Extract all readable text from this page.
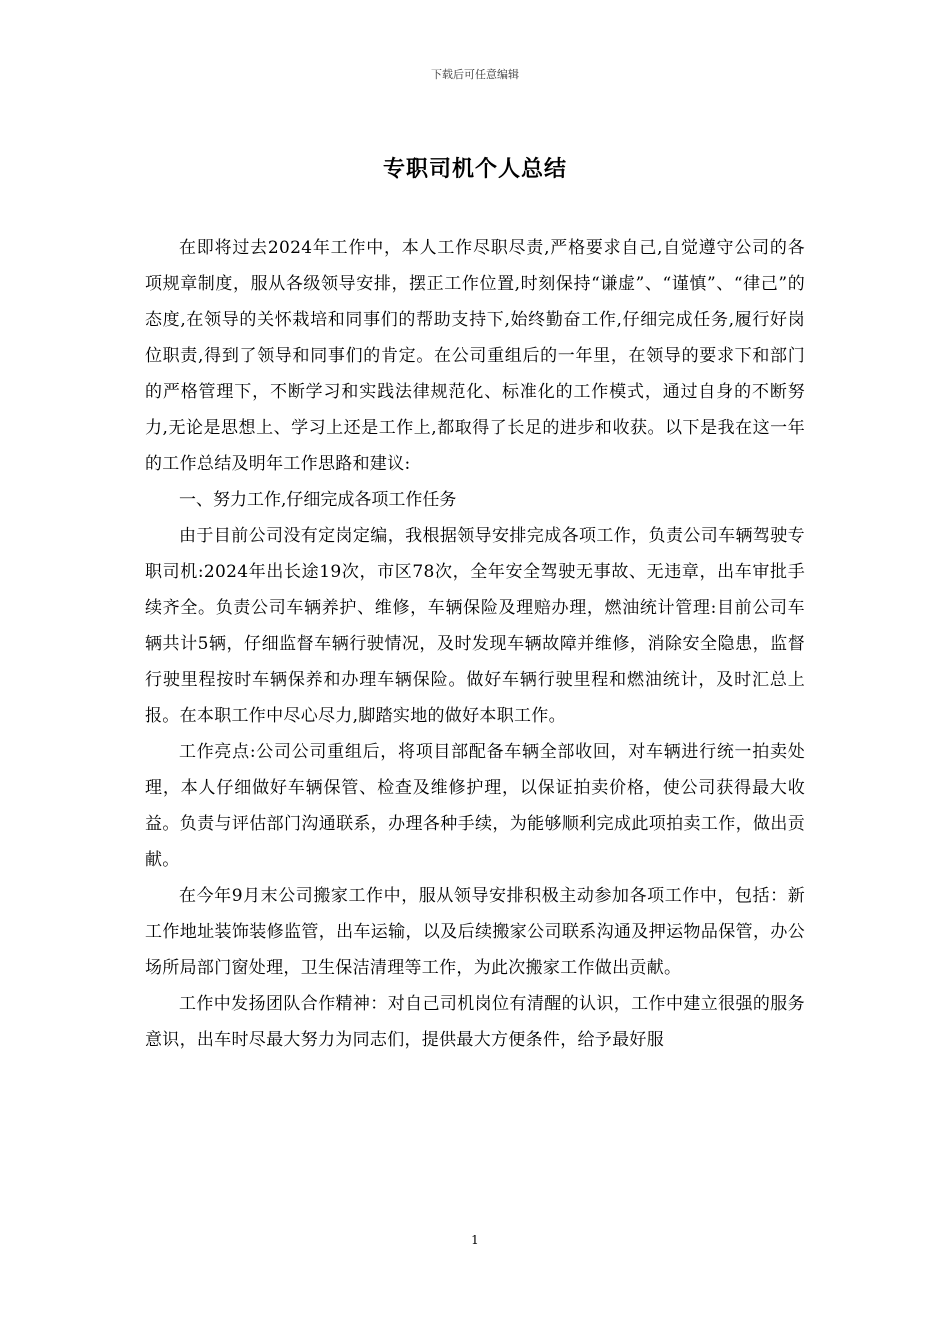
下载后可任意编辑
专职司机个人总结

在即将过去2024年工作中，本人工作尽职尽责,严格要求自己,自觉遵守公司的各项规章制度，服从各级领导安排，摆正工作位置,时刻保持“谦虚”、“谨慎”、“律己”的态度,在领导的关怀栽培和同事们的帮助支持下,始终勤奋工作,仔细完成任务,履行好岗位职责,得到了领导和同事们的肯定。在公司重组后的一年里，在领导的要求下和部门的严格管理下，不断学习和实践法律规范化、标准化的工作模式，通过自身的不断努力,无论是思想上、学习上还是工作上,都取得了长足的进步和收获。以下是我在这一年的工作总结及明年工作思路和建议:

一、努力工作,仔细完成各项工作任务

由于目前公司没有定岗定编，我根据领导安排完成各项工作，负责公司车辆驾驶专职司机:2024年出长途19次，市区78次，全年安全驾驶无事故、无违章，出车审批手续齐全。负责公司车辆养护、维修，车辆保险及理赔办理，燃油统计管理:目前公司车辆共计5辆，仔细监督车辆行驶情况，及时发现车辆故障并维修，消除安全隐患，监督行驶里程按时车辆保养和办理车辆保险。做好车辆行驶里程和燃油统计，及时汇总上报。在本职工作中尽心尽力,脚踏实地的做好本职工作。

工作亮点:公司公司重组后，将项目部配备车辆全部收回，对车辆进行统一拍卖处理，本人仔细做好车辆保管、检查及维修护理，以保证拍卖价格，使公司获得最大收益。负责与评估部门沟通联系，办理各种手续，为能够顺利完成此项拍卖工作，做出贡献。

在今年9月末公司搬家工作中，服从领导安排积极主动参加各项工作中，包括：新工作地址装饰装修监管，出车运输，以及后续搬家公司联系沟通及押运物品保管，办公场所局部门窗处理，卫生保洁清理等工作，为此次搬家工作做出贡献。

工作中发扬团队合作精神：对自己司机岗位有清醒的认识，工作中建立很强的服务意识，出车时尽最大努力为同志们，提供最大方便条件，给予最好服

1
